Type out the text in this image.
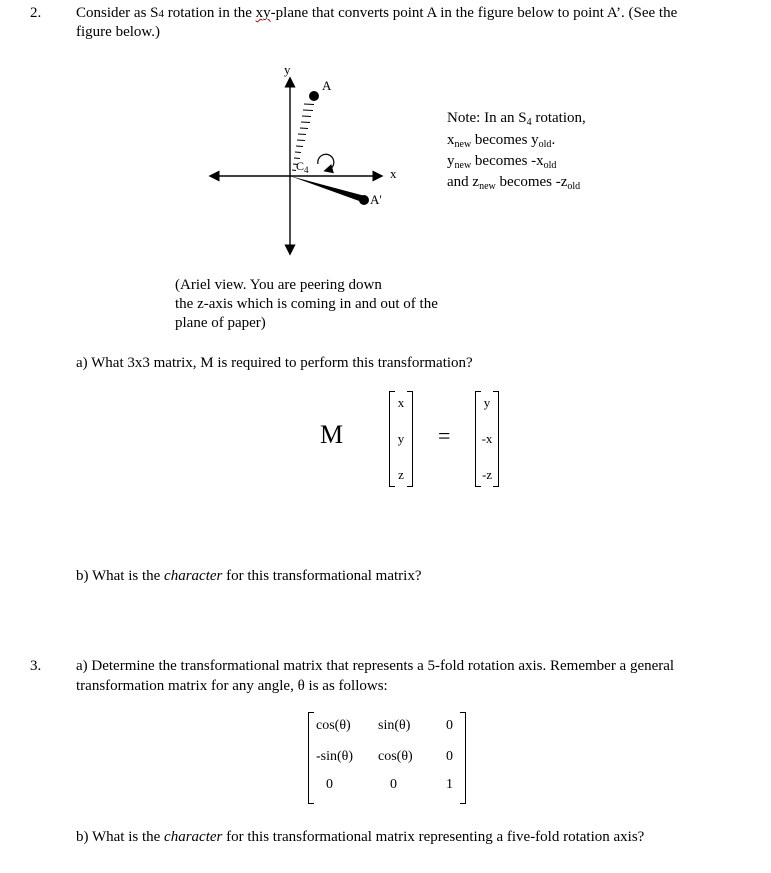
2. Consider as S4 rotation in the xy-plane that converts point A in the figure below to point A’. (See the
figure below.)
y
A
x
A'
$C_4$
Note: In an $S_4$ rotation,
$x_{new}$ becomes $y_{old}$.
$y_{new}$ becomes $-x_{old}$
and $z_{new}$ becomes $-z_{old}$
(Ariel view. You are peering down
the z-axis which is coming in and out of the
plane of paper)
a) What 3x3 matrix, M is required to perform this transformation?
M
x
y
z
=
y
-x
-z
b) What is the character for this transformational matrix?
3. a) Determine the transformational matrix that represents a 5-fold rotation axis. Remember a general
transformation matrix for any angle, θ is as follows:
cos(θ) sin(θ)	0
-sin(θ) cos(θ) 0
0	0	1
b) What is the character for this transformational matrix representing a five-fold rotation axis?
